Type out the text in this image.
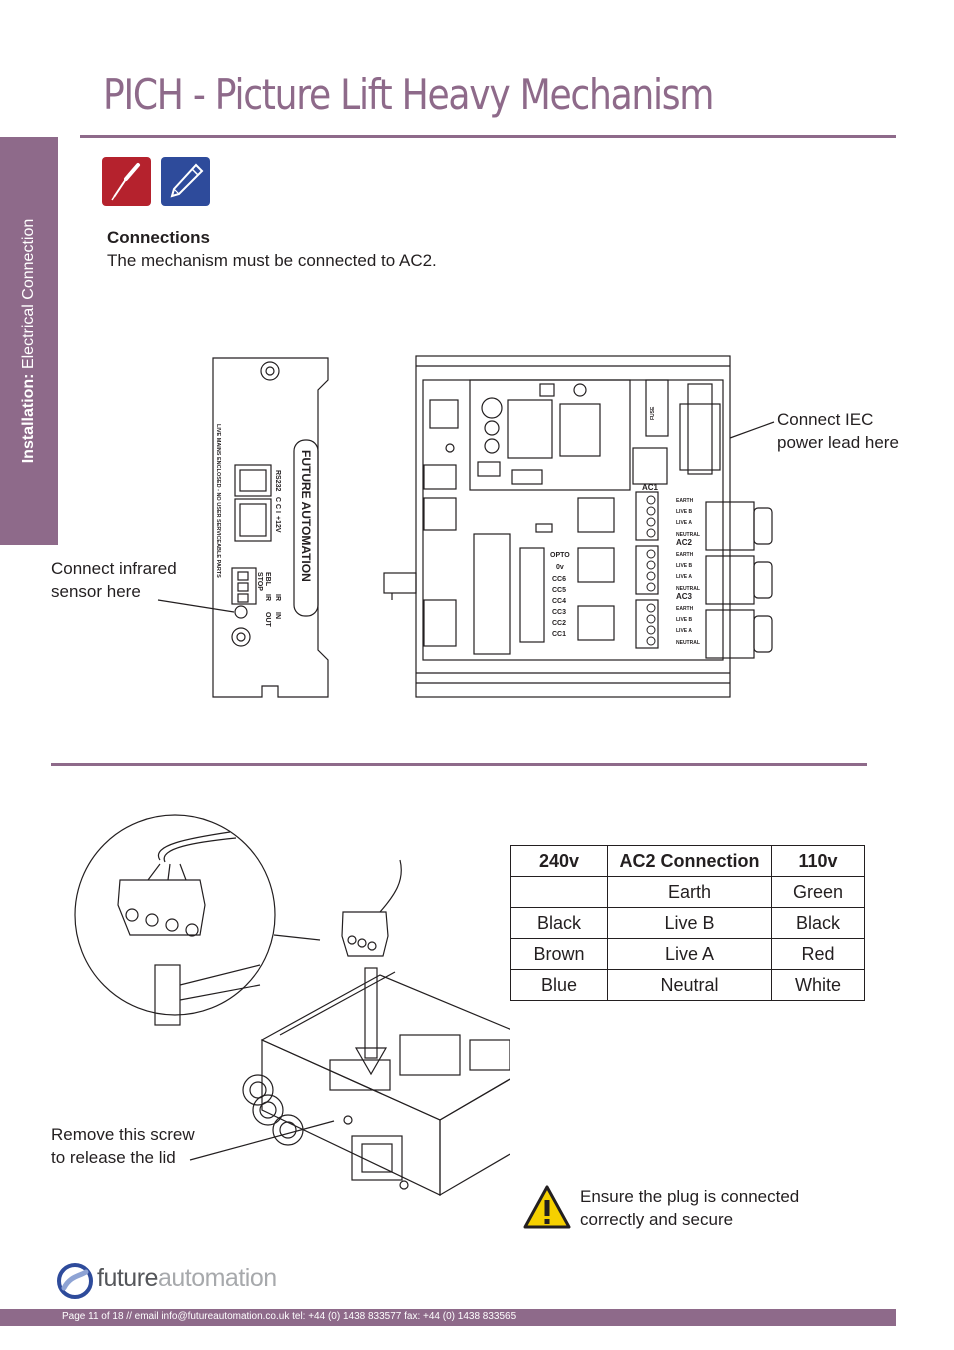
PICH - Picture Lift Heavy Mechanism
Installation: Electrical Connection	Connections
The mechanism must be connected to AC2.
FUTURE AUTOMATION
RS232
C C I
+12V
EBL
STOP
IR
IR
IN
OUT
LIVE MAINS ENCLOSED - NO USER SERVICEABLE PARTS	AC1
AC2
AC3
EARTH
LIVE B
LIVE A
NEUTRAL
EARTH
LIVE B
LIVE A
NEUTRAL
EARTH
LIVE B
LIVE A
NEUTRAL
OPTO
0v
CC6
CC5
CC4
CC3
CC2
CC1
FUSE	Connect IEC
power lead here
Connect infrared
sensor here
Remove this screw
to release the lid
240v	AC2 Connection	110v
	Earth	Green
Black	Live B	Black
Brown	Live A	Red
Blue	Neutral	White
Ensure the plug is connected
correctly and secure
futureautomation
Page 11 of 18 // email info@futureautomation.co.uk tel: +44 (0) 1438 833577 fax: +44 (0) 1438 833565
